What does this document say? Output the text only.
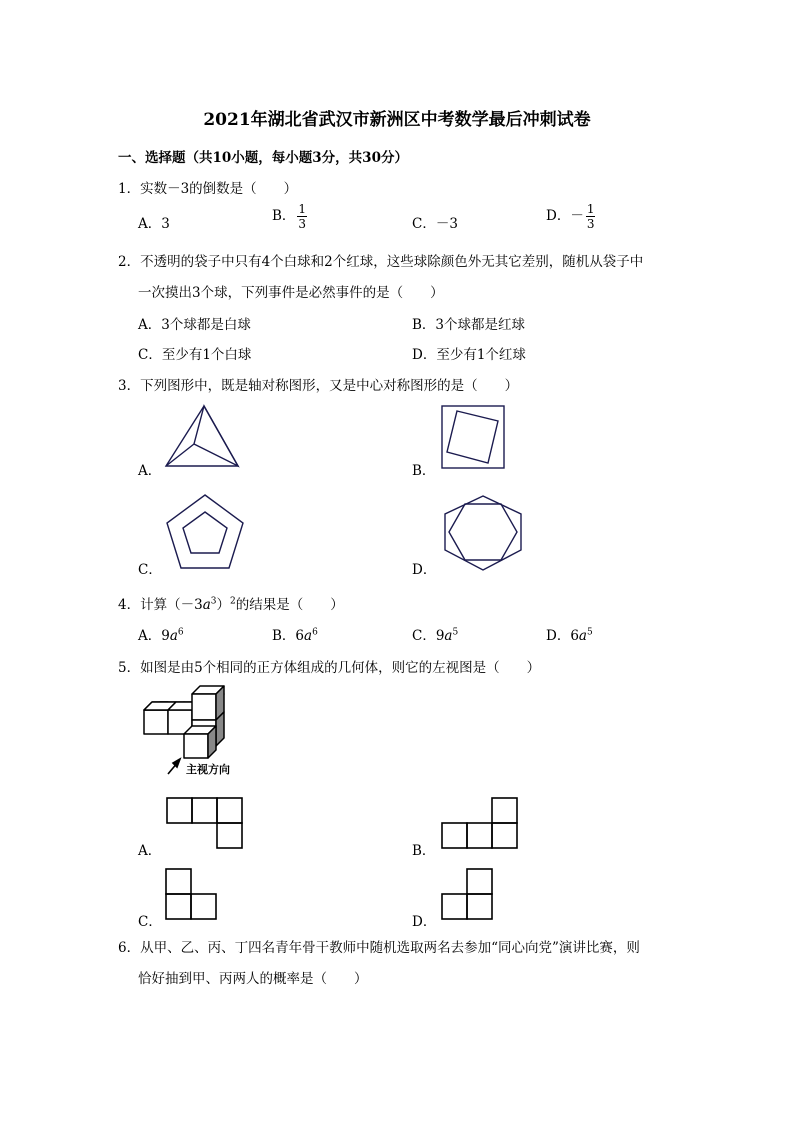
2021年湖北省武汉市新洲区中考数学最后冲刺试卷
一、选择题（共10小题，每小题3分，共30分）
1．实数－3的倒数是（　　）
A．3	B． $\frac{1}{3}$	C．－3	D．－ $\frac{1}{3}$
2．不透明的袋子中只有4个白球和2个红球，这些球除颜色外无其它差别，随机从袋子中
一次摸出3个球，下列事件是必然事件的是（　　）
A．3个球都是白球	B．3个球都是红球
C．至少有1个白球	D．至少有1个红球
3．下列图形中，既是轴对称图形，又是中心对称图形的是（　　）
A．	B．
C．	D．
4．计算$(-3a^3)^2$的结果是（　　）
A．$9a^6$	B．$6a^6$	C．$9a^5$	D．$6a^5$
5．如图是由5个相同的正方体组成的几何体，则它的左视图是（　　）
主视方向
A．	B．
C．	D．
6．从甲、乙、丙、丁四名青年骨干教师中随机选取两名去参加“同心向党”演讲比赛，则
恰好抽到甲、丙两人的概率是（　　）
